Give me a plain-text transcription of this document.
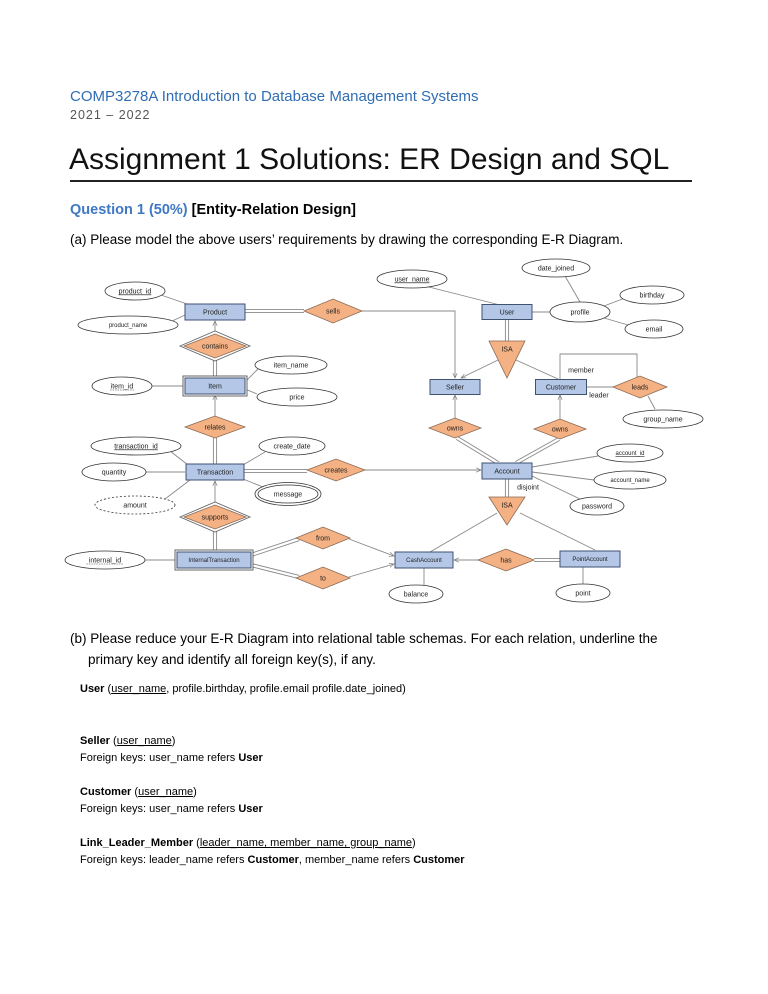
COMP3278A Introduction to Database Management Systems
2021 – 2022
Assignment 1 Solutions: ER Design and SQL
Question 1 (50%) [Entity-Relation Design]
(a) Please model the above users’ requirements by drawing the corresponding E-R Diagram.
Product	User
Item	Seller	Customer
Transaction	Account
InternalTransaction	CashAccount	PointAccount
sells
contains
leads
relates	owns	owns
creates
supports
from
to
has
product_id
product_name
user_name
date_joined
birthday
profile
email
item_name
item_id
price
group_name
transaction_id	create_date
account_id
quantity
account_name
message
amount	password
internal_id
balance	point
ISA
ISA
member
leader
disjoint
(b) Please reduce your E-R Diagram into relational table schemas. For each relation, underline the
primary key and identify all foreign key(s), if any.
User (user_name, profile.birthday, profile.email profile.date_joined)
Seller (user_name)
Foreign keys: user_name refers User
Customer (user_name)
Foreign keys: user_name refers User
Link_Leader_Member (leader_name, member_name, group_name)
Foreign keys: leader_name refers Customer, member_name refers Customer
